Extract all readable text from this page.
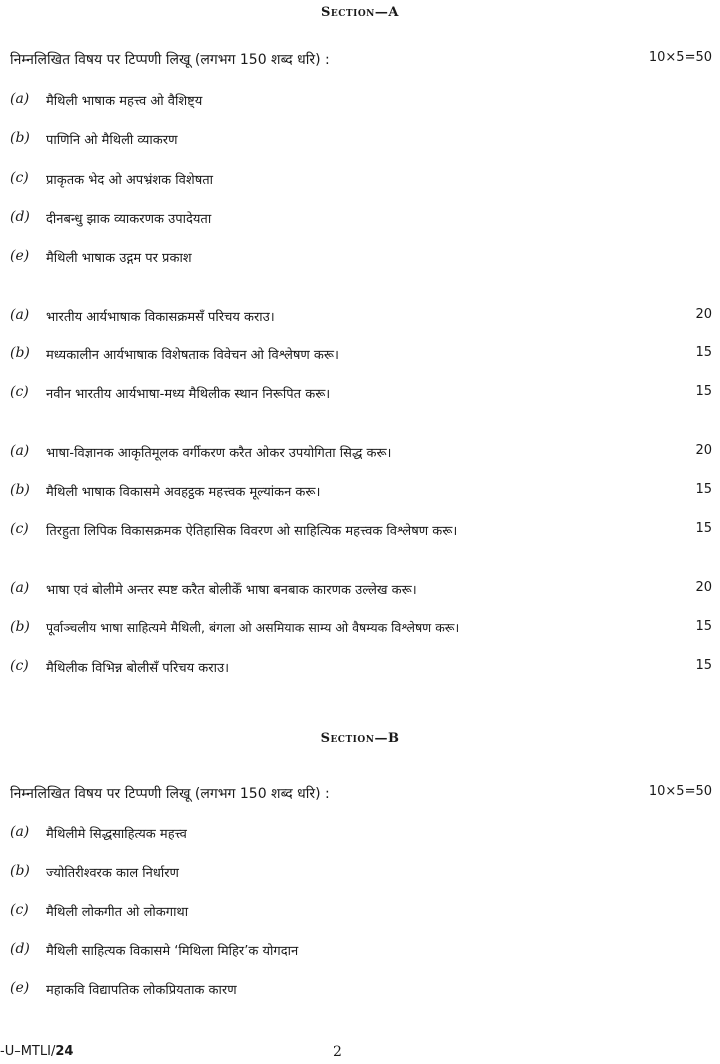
Section—A
निम्नलिखित विषय पर टिप्पणी लिखू (लगभग 150 शब्द धरि) :	10×5=50
(a) मैथिली भाषाक महत्त्व ओ वैशिष्ट्य
(b) पाणिनि ओ मैथिली व्याकरण
(c) प्राकृतक भेद ओ अपभ्रंशक विशेषता
(d) दीनबन्धु झाक व्याकरणक उपादेयता
(e) मैथिली भाषाक उद्गम पर प्रकाश
(a) भारतीय आर्यभाषाक विकासक्रमसँ परिचय कराउ।	20
(b) मध्यकालीन आर्यभाषाक विशेषताक विवेचन ओ विश्लेषण करू।	15
(c) नवीन भारतीय आर्यभाषा-मध्य मैथिलीक स्थान निरूपित करू।	15
(a) भाषा-विज्ञानक आकृतिमूलक वर्गीकरण करैत ओकर उपयोगिता सिद्ध करू।	20
(b) मैथिली भाषाक विकासमे अवहट्ठक महत्त्वक मूल्यांकन करू।	15
(c) तिरहुता लिपिक विकासक्रमक ऐतिहासिक विवरण ओ साहित्यिक महत्त्वक विश्लेषण करू।	15
(a) भाषा एवं बोलीमे अन्तर स्पष्ट करैत बोलीकेँ भाषा बनबाक कारणक उल्लेख करू।	20
(b) पूर्वाञ्चलीय भाषा साहित्यमे मैथिली, बंगला ओ असमियाक साम्य ओ वैषम्यक विश्लेषण करू।	15
(c) मैथिलीक विभिन्न बोलीसँ परिचय कराउ।	15
Section—B
निम्नलिखित विषय पर टिप्पणी लिखू (लगभग 150 शब्द धरि) :	10×5=50
(a) मैथिलीमे सिद्धसाहित्यक महत्त्व
(b) ज्योतिरीश्वरक काल निर्धारण
(c) मैथिली लोकगीत ओ लोकगाथा
(d) मैथिली साहित्यक विकासमे ‘मिथिला मिहिर’क योगदान
(e) महाकवि विद्यापतिक लोकप्रियताक कारण
-U–MTLI/24	2
